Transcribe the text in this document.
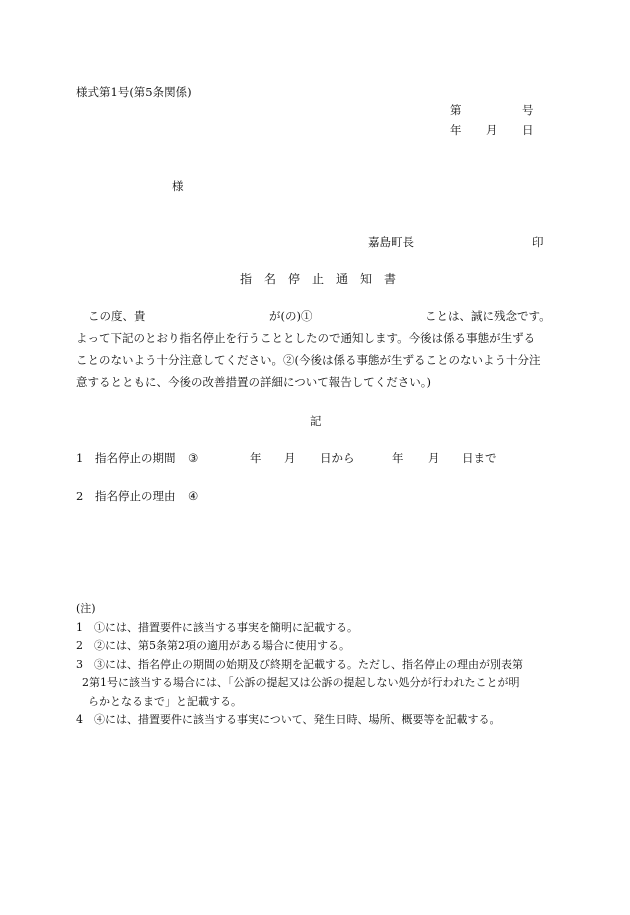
様式第1号(第5条関係)
第	号
年 月 日
様
嘉島町長	印
指 名 停 止 通 知 書
この度、貴	が(の)①	ことは、誠に残念です。
よって下記のとおり指名停止を行うこととしたので通知します。今後は係る事態が生ずる
ことのないよう十分注意してください。②(今後は係る事態が生ずることのないよう十分注
意するとともに、今後の改善措置の詳細について報告してください。)
記
1 指名停止の期間 ③	年 月 日から	年 月 日まで
2 指名停止の理由 ④
(注)
1 ①には、措置要件に該当する事実を簡明に記載する。
2 ②には、第5条第2項の適用がある場合に使用する。
3 ③には、指名停止の期間の始期及び終期を記載する。ただし、指名停止の理由が別表第
2第1号に該当する場合には、「公訴の提起又は公訴の提起しない処分が行われたことが明
らかとなるまで」と記載する。
4 ④には、措置要件に該当する事実について、発生日時、場所、概要等を記載する。
